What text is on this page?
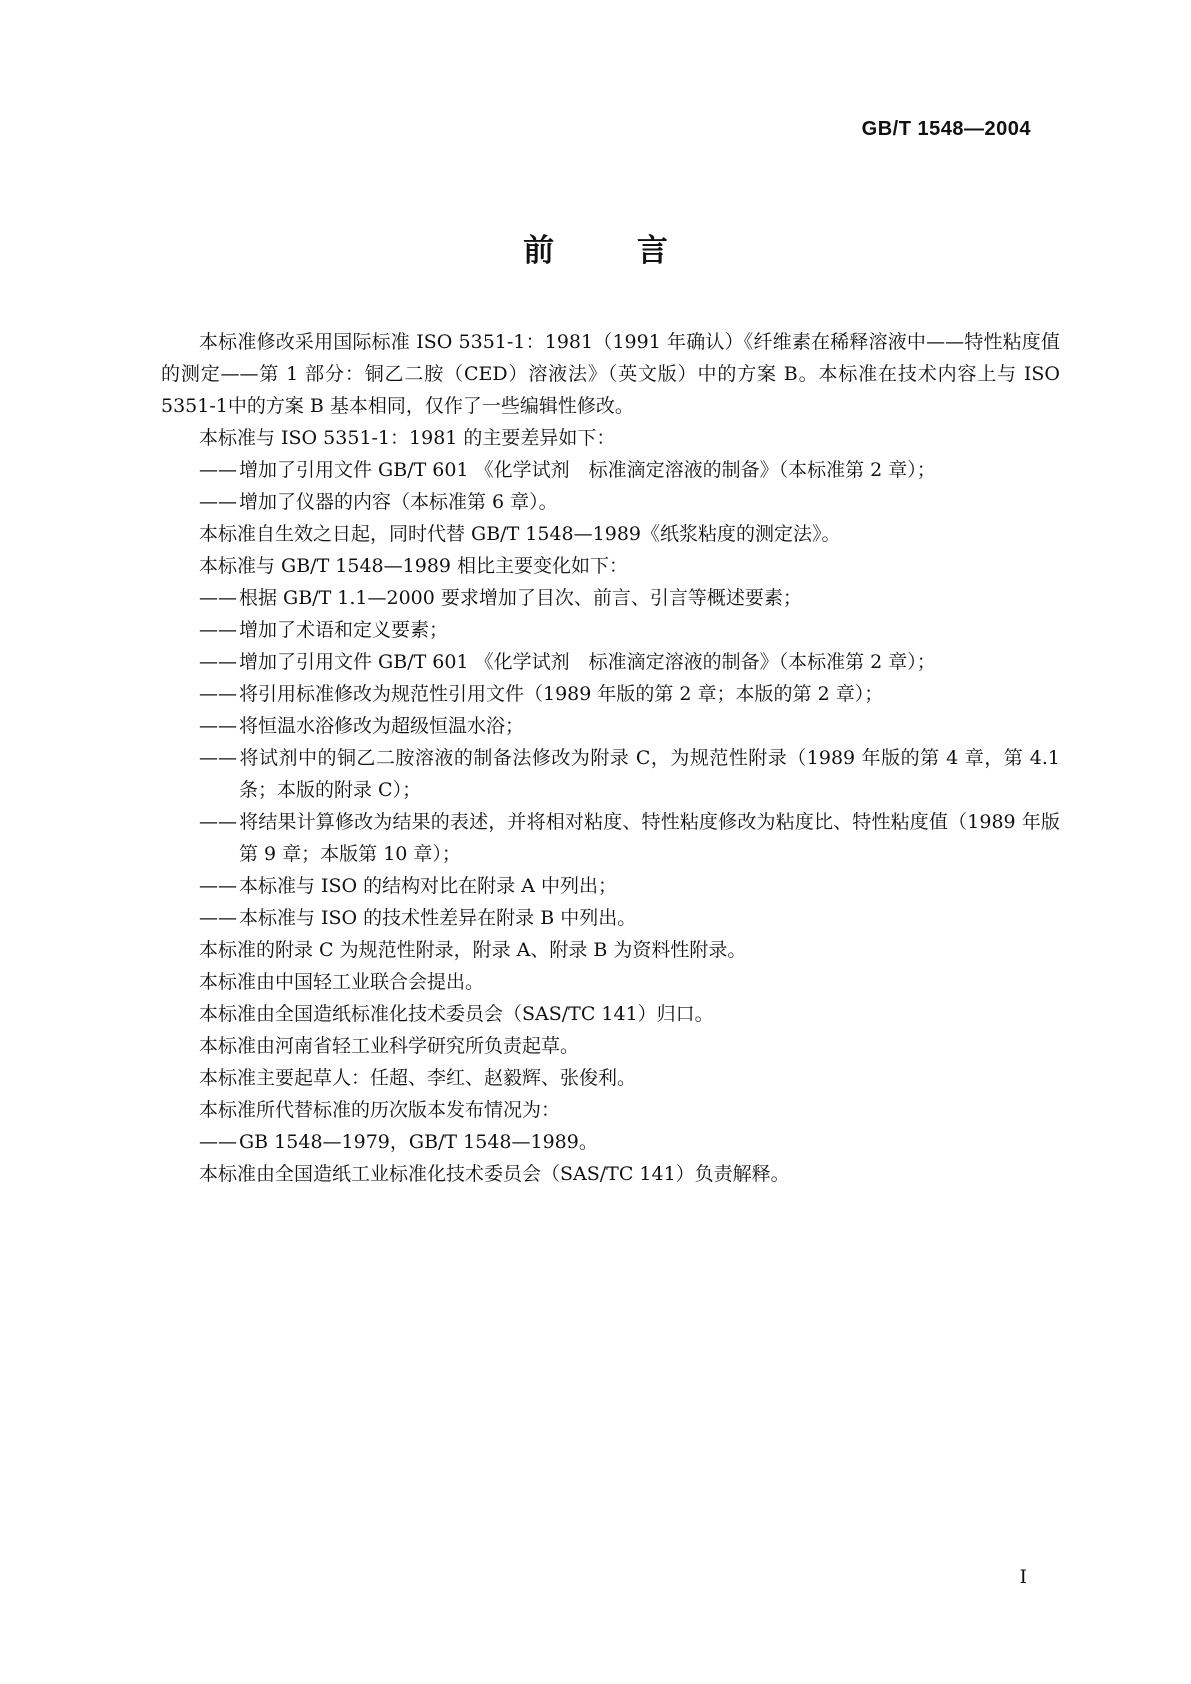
GB/T 1548—2004
前 言

本标准修改采用国际标准 ISO 5351-1：1981（1991 年确认）《纤维素在稀释溶液中——特性粘度值的测定——第 1 部分：铜乙二胺（CED）溶液法》（英文版）中的方案 B。本标准在技术内容上与 ISO 5351-1中的方案 B 基本相同，仅作了一些编辑性修改。

本标准与 ISO 5351-1：1981 的主要差异如下：

—— 增加了引用文件 GB/T 601 《化学试剂　标准滴定溶液的制备》（本标准第 2 章）；

—— 增加了仪器的内容（本标准第 6 章）。

本标准自生效之日起，同时代替 GB/T 1548—1989《纸浆粘度的测定法》。

本标准与 GB/T 1548—1989 相比主要变化如下：

—— 根据 GB/T 1.1—2000 要求增加了目次、前言、引言等概述要素；

—— 增加了术语和定义要素；

—— 增加了引用文件 GB/T 601 《化学试剂　标准滴定溶液的制备》（本标准第 2 章）；

—— 将引用标准修改为规范性引用文件（1989 年版的第 2 章；本版的第 2 章）；

—— 将恒温水浴修改为超级恒温水浴；

—— 将试剂中的铜乙二胺溶液的制备法修改为附录 C，为规范性附录（1989 年版的第 4 章，第 4.1 条；本版的附录 C）；

—— 将结果计算修改为结果的表述，并将相对粘度、特性粘度修改为粘度比、特性粘度值（1989 年版第 9 章；本版第 10 章）；

—— 本标准与 ISO 的结构对比在附录 A 中列出；

—— 本标准与 ISO 的技术性差异在附录 B 中列出。

本标准的附录 C 为规范性附录，附录 A、附录 B 为资料性附录。

本标准由中国轻工业联合会提出。

本标准由全国造纸标准化技术委员会（SAS/TC 141）归口。

本标准由河南省轻工业科学研究所负责起草。

本标准主要起草人：任超、李红、赵毅辉、张俊利。

本标准所代替标准的历次版本发布情况为：

—— GB 1548—1979，GB/T 1548—1989。

本标准由全国造纸工业标准化技术委员会（SAS/TC 141）负责解释。

I
